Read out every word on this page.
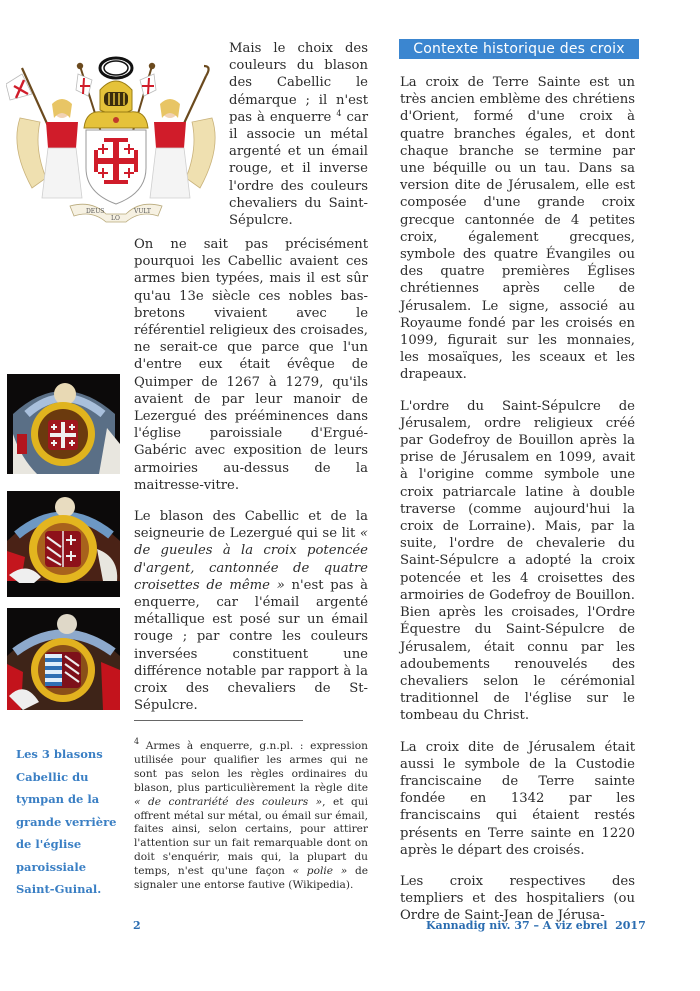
DEUS
LO
VULT
Mais le choix des couleurs du blason des Cabellic le démarque ; il n'est pas à enquerre $^4$ car il associe un métal argenté et un émail rouge, et il inverse l'ordre des couleurs chevaliers du Saint-Sépulcre.

On ne sait pas précisément pourquoi les Cabellic avaient ces armes bien typées, mais il est sûr qu'au 13e siècle ces nobles bas-bretons vivaient avec le référentiel religieux des croisades, ne serait-ce que parce que l'un d'entre eux était évêque de Quimper de 1267 à 1279, qu'ils avaient de par leur manoir de Lezergué des prééminences dans l'église paroissiale d'Ergué-Gabéric avec exposition de leurs armoiries au-dessus de la maitresse-vitre.

Le blason des Cabellic et de la seigneurie de Lezergué qui se lit « de gueules à la croix potencée d'argent, cantonnée de quatre croisettes de même » n'est pas à enquerre, car l'émail argenté métallique est posé sur un émail rouge ; par contre les couleurs inversées constituent une différence notable par rapport à la croix des chevaliers de St-Sépulcre.

Les 3 blasons Cabellic du tympan de la grande verrière de l'église paroissiale Saint-Guinal.
$^4$ Armes à enquerre, g.n.pl. : expression utilisée pour qualifier les armes qui ne sont pas selon les règles ordinaires du blason, plus particulièrement la règle dite « de contrariété des couleurs », et qui offrent métal sur métal, ou émail sur émail, faites ainsi, selon certains, pour attirer l'attention sur un fait remarquable dont on doit s'enquérir, mais qui, la plupart du temps, n'est qu'une façon « polie » de signaler une entorse fautive (Wikipedia).
Contexte historique des croix

La croix de Terre Sainte est un très ancien emblème des chrétiens d'Orient, formé d'une croix à quatre branches égales, et dont chaque branche se termine par une béquille ou un tau. Dans sa version dite de Jérusalem, elle est composée d'une grande croix grecque cantonnée de 4 petites croix, également grecques, symbole des quatre Évangiles ou des quatre premières Églises chrétiennes après celle de Jérusalem. Le signe, associé au Royaume fondé par les croisés en 1099, figurait sur les monnaies, les mosaïques, les sceaux et les drapeaux.

L'ordre du Saint-Sépulcre de Jérusalem, ordre religieux créé par Godefroy de Bouillon après la prise de Jérusalem en 1099, avait à l'origine comme symbole une croix patriarcale latine à double traverse (comme aujourd'hui la croix de Lorraine). Mais, par la suite, l'ordre de chevalerie du Saint-Sépulcre a adopté la croix potencée et les 4 croisettes des armoiries de Godefroy de Bouillon. Bien après les croisades, l'Ordre Équestre du Saint-Sépulcre de Jérusalem, était connu par les adoubements renouvelés des chevaliers selon le cérémonial traditionnel de l'église sur le tombeau du Christ.

La croix dite de Jérusalem était aussi le symbole de la Custodie franciscaine de Terre sainte fondée en 1342 par les franciscains qui étaient restés présents en Terre sainte en 1220 après le départ des croisés.

Les croix respectives des templiers et des hospitaliers (ou Ordre de Saint-Jean de Jérusa-

2	Kannadig niv. 37 – A viz ebrel  2017
